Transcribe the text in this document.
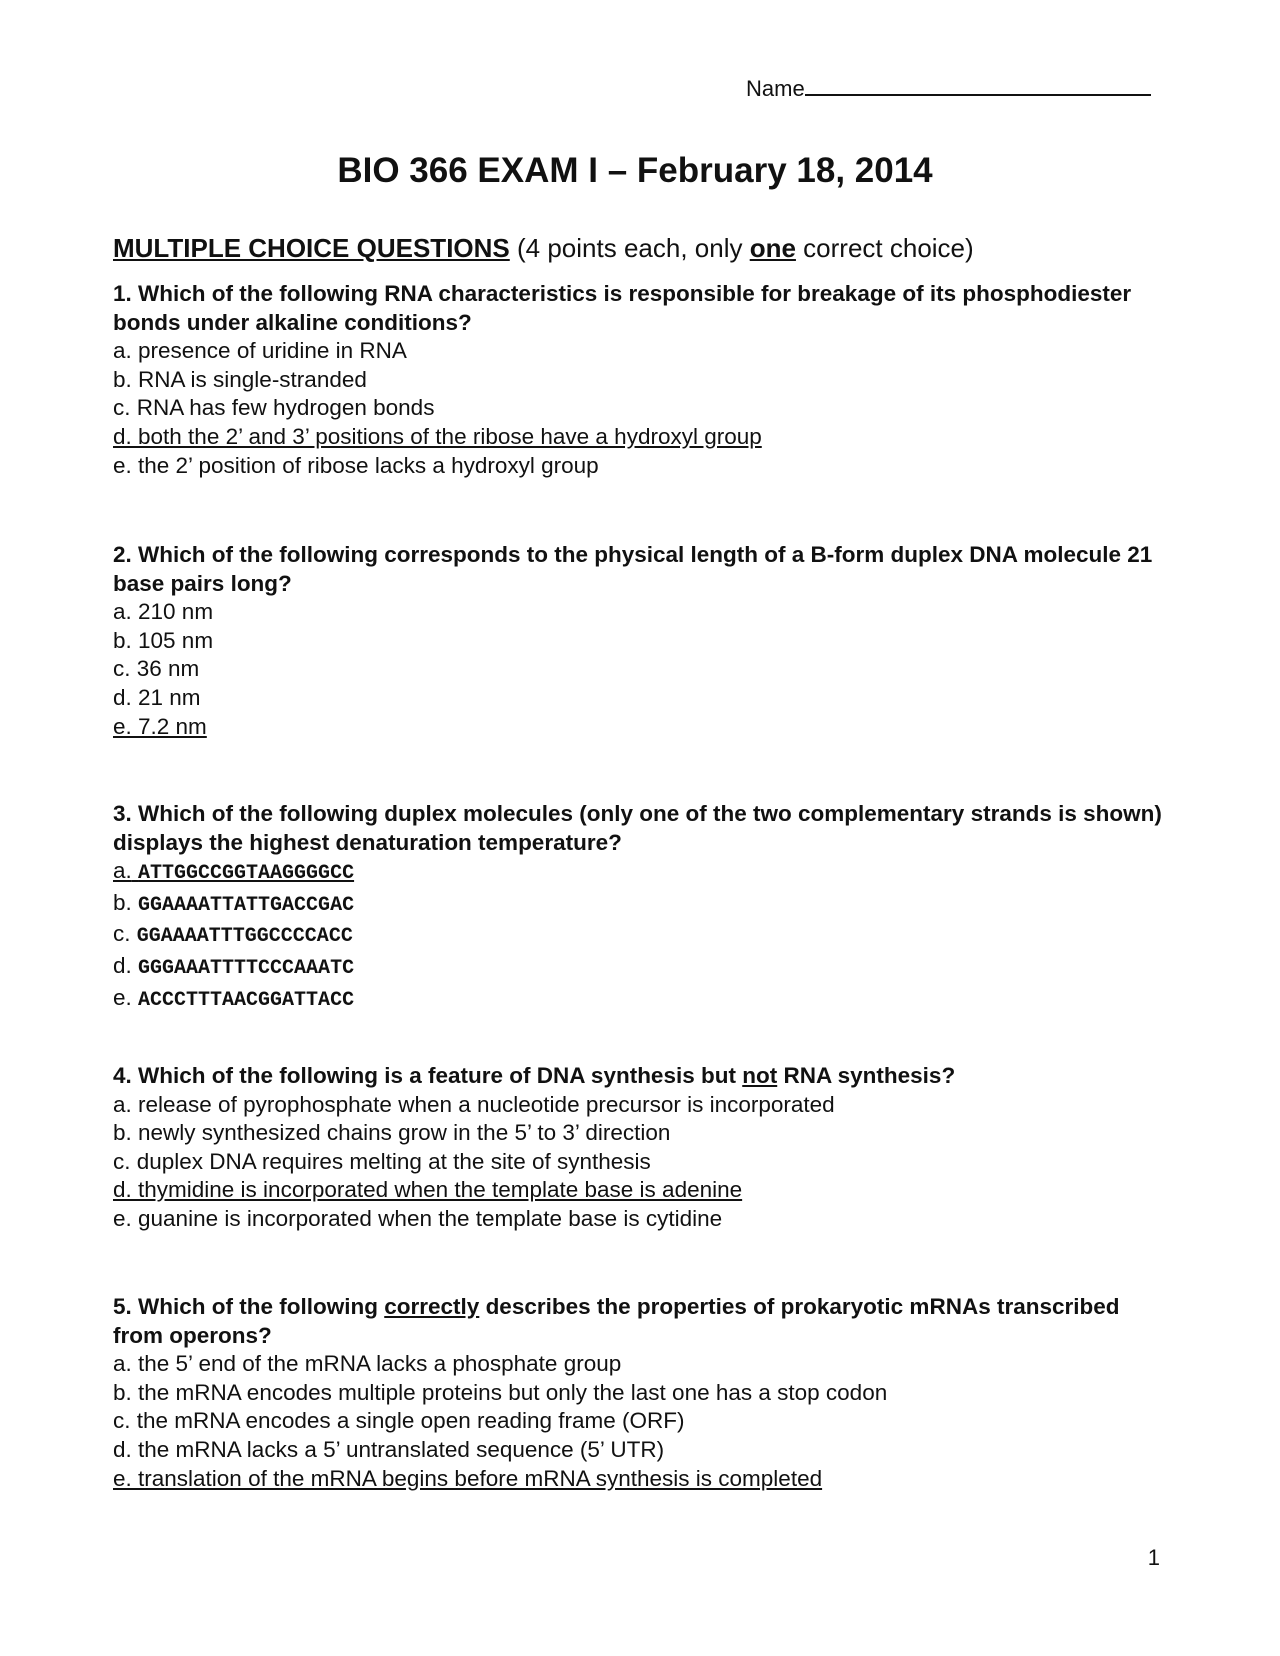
Name
BIO 366 EXAM I – February 18, 2014
MULTIPLE CHOICE QUESTIONS (4 points each, only one correct choice)
1. Which of the following RNA characteristics is responsible for breakage of its phosphodiester bonds under alkaline conditions?
a. presence of uridine in RNA
b. RNA is single-stranded
c. RNA has few hydrogen bonds
d. both the 2’ and 3’ positions of the ribose have a hydroxyl group
e. the 2’ position of ribose lacks a hydroxyl group
2. Which of the following corresponds to the physical length of a B-form duplex DNA molecule 21 base pairs long?
a. 210 nm
b. 105 nm
c. 36 nm
d. 21 nm
e. 7.2 nm
3. Which of the following duplex molecules (only one of the two complementary strands is shown) displays the highest denaturation temperature?
a. ATTGGCCGGTAAGGGGCC
b. GGAAAATTATTGACCGAC
c. GGAAAATTTGGCCCCACC
d. GGGAAATTTTCCCAAATC
e. ACCCTTTAACGGATTACC
4. Which of the following is a feature of DNA synthesis but not RNA synthesis?
a. release of pyrophosphate when a nucleotide precursor is incorporated
b. newly synthesized chains grow in the 5’ to 3’ direction
c. duplex DNA requires melting at the site of synthesis
d. thymidine is incorporated when the template base is adenine
e. guanine is incorporated when the template base is cytidine
5. Which of the following correctly describes the properties of prokaryotic mRNAs transcribed from operons?
a. the 5’ end of the mRNA lacks a phosphate group
b. the mRNA encodes multiple proteins but only the last one has a stop codon
c. the mRNA encodes a single open reading frame (ORF)
d. the mRNA lacks a 5’ untranslated sequence (5’ UTR)
e. translation of the mRNA begins before mRNA synthesis is completed
1
